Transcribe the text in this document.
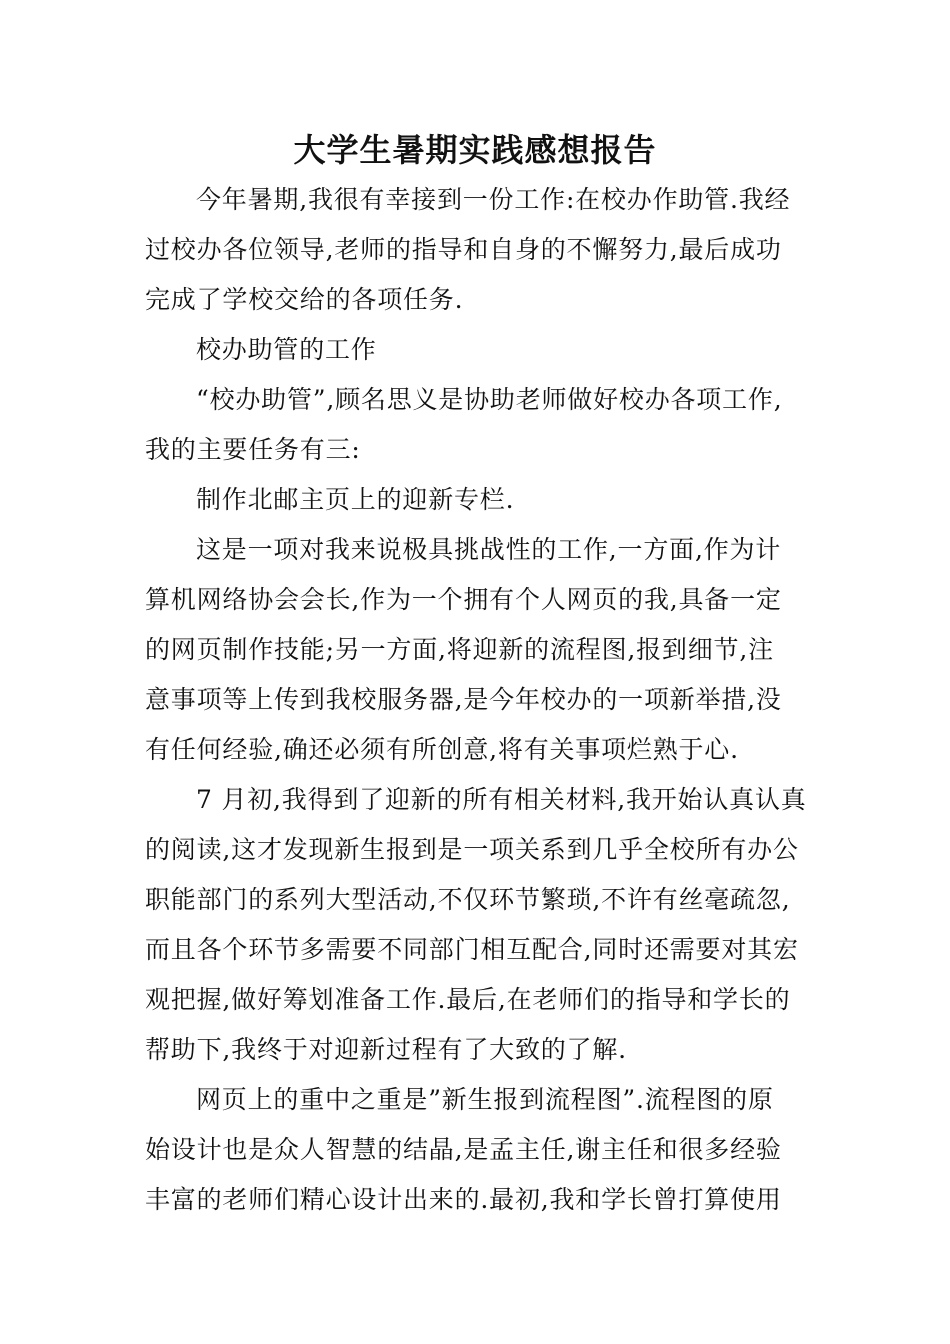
大学生暑期实践感想报告
今年暑期,我很有幸接到一份工作:在校办作助管.我经
过校办各位领导,老师的指导和自身的不懈努力,最后成功
完成了学校交给的各项任务.
校办助管的工作
“校办助管”,顾名思义是协助老师做好校办各项工作,
我的主要任务有三:
制作北邮主页上的迎新专栏.
这是一项对我来说极具挑战性的工作,一方面,作为计
算机网络协会会长,作为一个拥有个人网页的我,具备一定
的网页制作技能;另一方面,将迎新的流程图,报到细节,注
意事项等上传到我校服务器,是今年校办的一项新举措,没
有任何经验,确还必须有所创意,将有关事项烂熟于心.
7 月初,我得到了迎新的所有相关材料,我开始认真认真
的阅读,这才发现新生报到是一项关系到几乎全校所有办公
职能部门的系列大型活动,不仅环节繁琐,不许有丝毫疏忽,
而且各个环节多需要不同部门相互配合,同时还需要对其宏
观把握,做好筹划准备工作.最后,在老师们的指导和学长的
帮助下,我终于对迎新过程有了大致的了解.
网页上的重中之重是”新生报到流程图”.流程图的原
始设计也是众人智慧的结晶,是孟主任,谢主任和很多经验
丰富的老师们精心设计出来的.最初,我和学长曾打算使用
